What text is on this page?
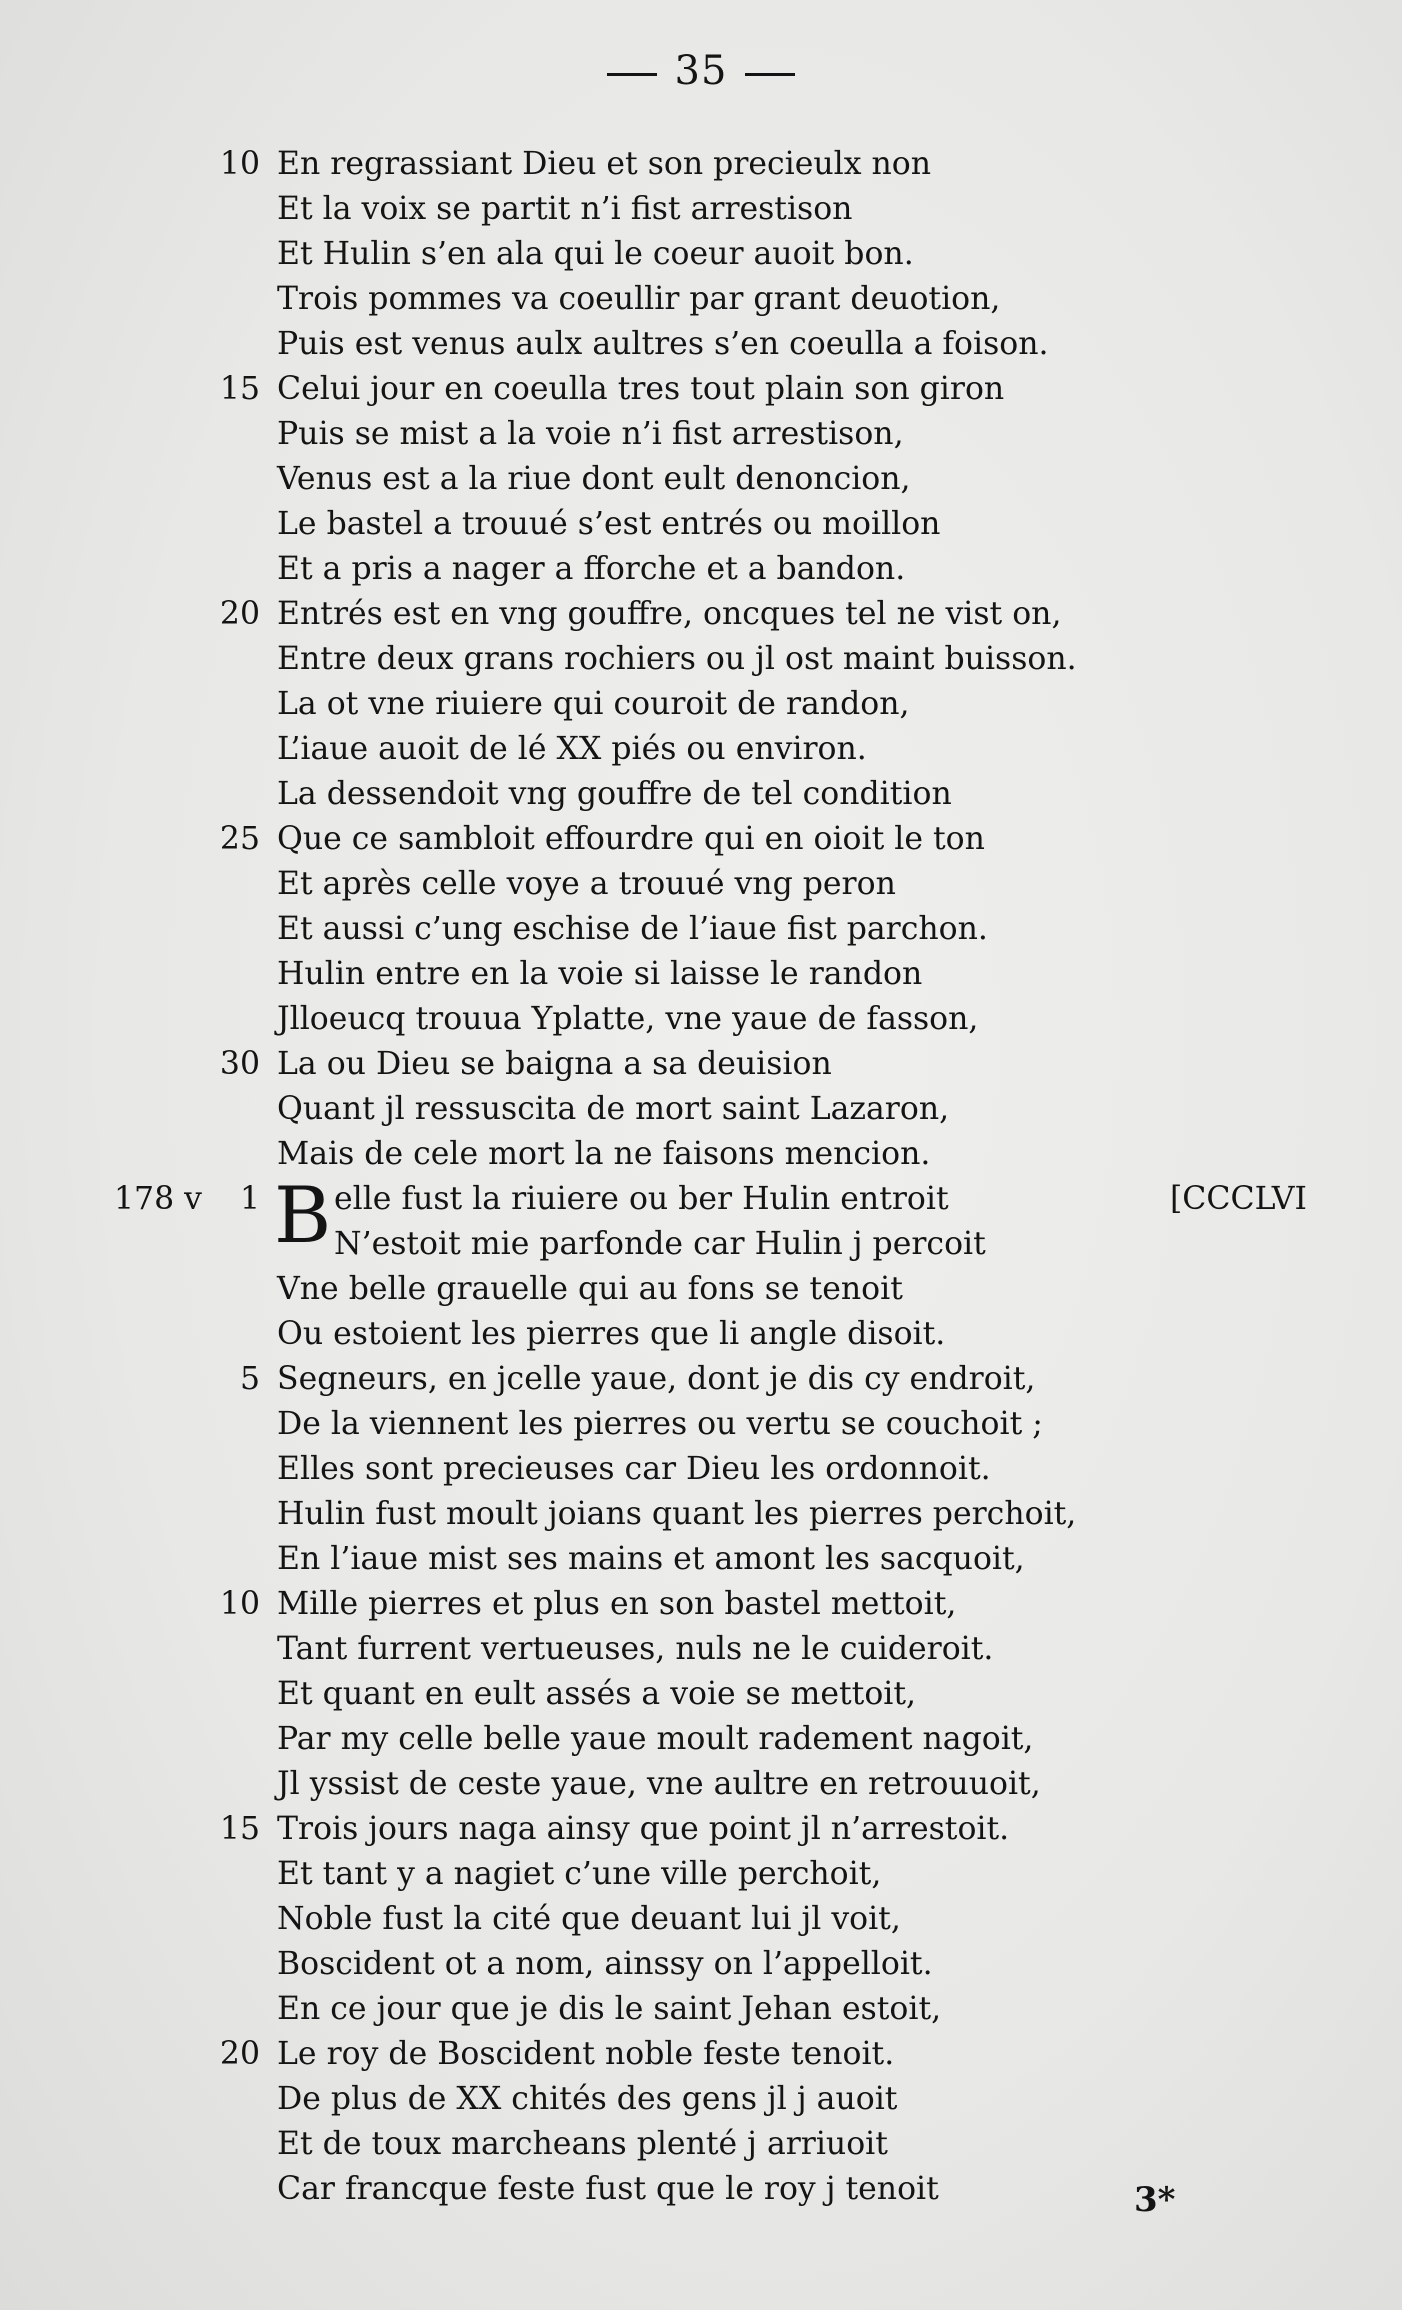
35
10 En regrassiant Dieu et son precieulx non
Et la voix se partit n’i fist arrestison
Et Hulin s’en ala qui le coeur auoit bon.
Trois pommes va coeullir par grant deuotion,
Puis est venus aulx aultres s’en coeulla a foison.
15 Celui jour en coeulla tres tout plain son giron
Puis se mist a la voie n’i fist arrestison,
Venus est a la riue dont eult denoncion,
Le bastel a trouué s’est entrés ou moillon
Et a pris a nager a fforche et a bandon.
20 Entrés est en vng gouffre, oncques tel ne vist on,
Entre deux grans rochiers ou jl ost maint buisson.
La ot vne riuiere qui couroit de randon,
L’iaue auoit de lé XX piés ou environ.
La dessendoit vng gouffre de tel condition
25 Que ce sambloit effourdre qui en oioit le ton
Et après celle voye a trouué vng peron
Et aussi c’ung eschise de l’iaue fist parchon.
Hulin entre en la voie si laisse le randon
Jlloeucq trouua Yplatte, vne yaue de fasson,
30 La ou Dieu se baigna a sa deuision
Quant jl ressuscita de mort saint Lazaron,
Mais de cele mort la ne faisons mencion.
178 v 1 B elle fust la riuiere ou ber Hulin entroit	[CCCLVI
N’estoit mie parfonde car Hulin j percoit
Vne belle grauelle qui au fons se tenoit
Ou estoient les pierres que li angle disoit.
5 Segneurs, en jcelle yaue, dont je dis cy endroit,
De la viennent les pierres ou vertu se couchoit ;
Elles sont precieuses car Dieu les ordonnoit.
Hulin fust moult joians quant les pierres perchoit,
En l’iaue mist ses mains et amont les sacquoit,
10 Mille pierres et plus en son bastel mettoit,
Tant furrent vertueuses, nuls ne le cuideroit.
Et quant en eult assés a voie se mettoit,
Par my celle belle yaue moult radement nagoit,
Jl yssist de ceste yaue, vne aultre en retrouuoit,
15 Trois jours naga ainsy que point jl n’arrestoit.
Et tant y a nagiet c’une ville perchoit,
Noble fust la cité que deuant lui jl voit,
Boscident ot a nom, ainssy on l’appelloit.
En ce jour que je dis le saint Jehan estoit,
20 Le roy de Boscident noble feste tenoit.
De plus de XX chités des gens jl j auoit
Et de toux marcheans plenté j arriuoit
Car francque feste fust que le roy j tenoit	3*
